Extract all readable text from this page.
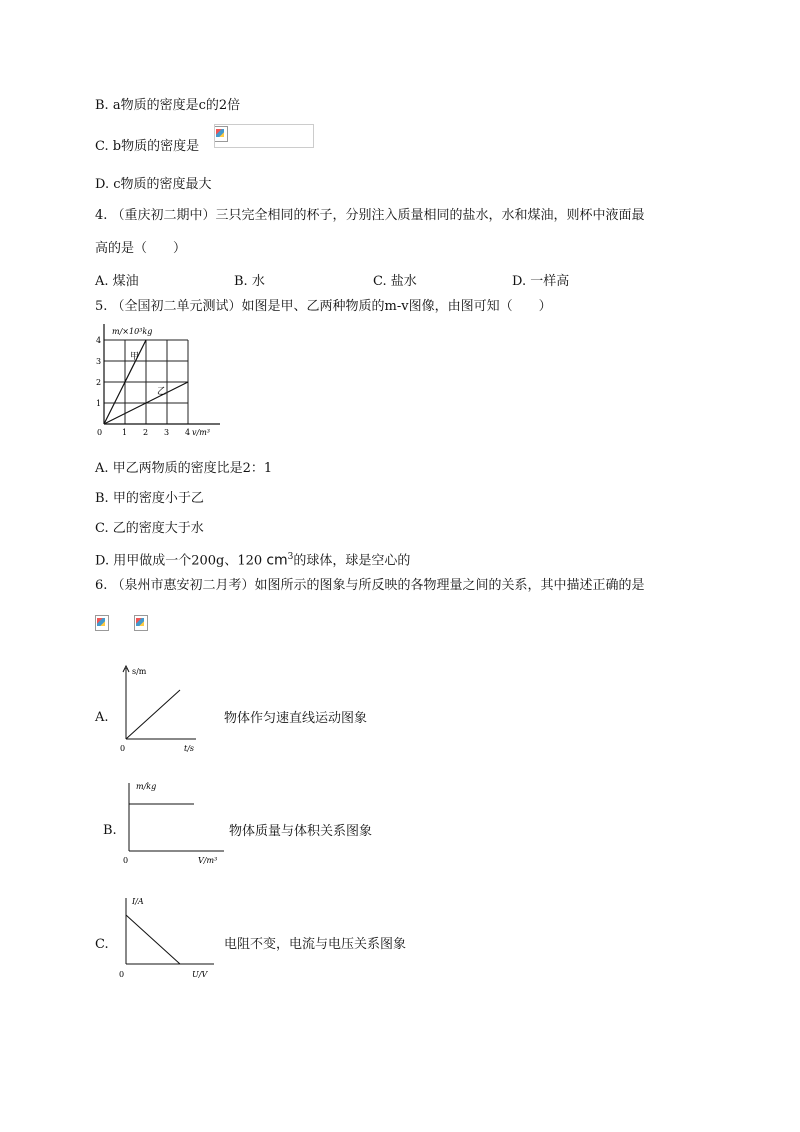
B. a物质的密度是c的2倍
C. b物质的密度是
D. c物质的密度最大
4. （重庆初二期中）三只完全相同的杯子，分别注入质量相同的盐水，水和煤油，则杯中液面最
高的是（　　）
A. 煤油	B. 水	C. 盐水	D. 一样高
5. （全国初二单元测试）如图是甲、乙两种物质的m-v图像，由图可知（　　）
1
2
3
4
0 1 2 3 4
m/×10³kg
v/m³
甲
乙
A. 甲乙两物质的密度比是2：1
B. 甲的密度小于乙
C. 乙的密度大于水
D. 用甲做成一个200g、120 $cm^3$的球体，球是空心的
6. （泉州市惠安初二月考）如图所示的图象与所反映的各物理量之间的关系，其中描述正确的是
A.
s/m
t/s
0
物体作匀速直线运动图象
B.
m/kg
V/m³
0
物体质量与体积关系图象
C.
I/A
U/V
0
电阻不变，电流与电压关系图象
